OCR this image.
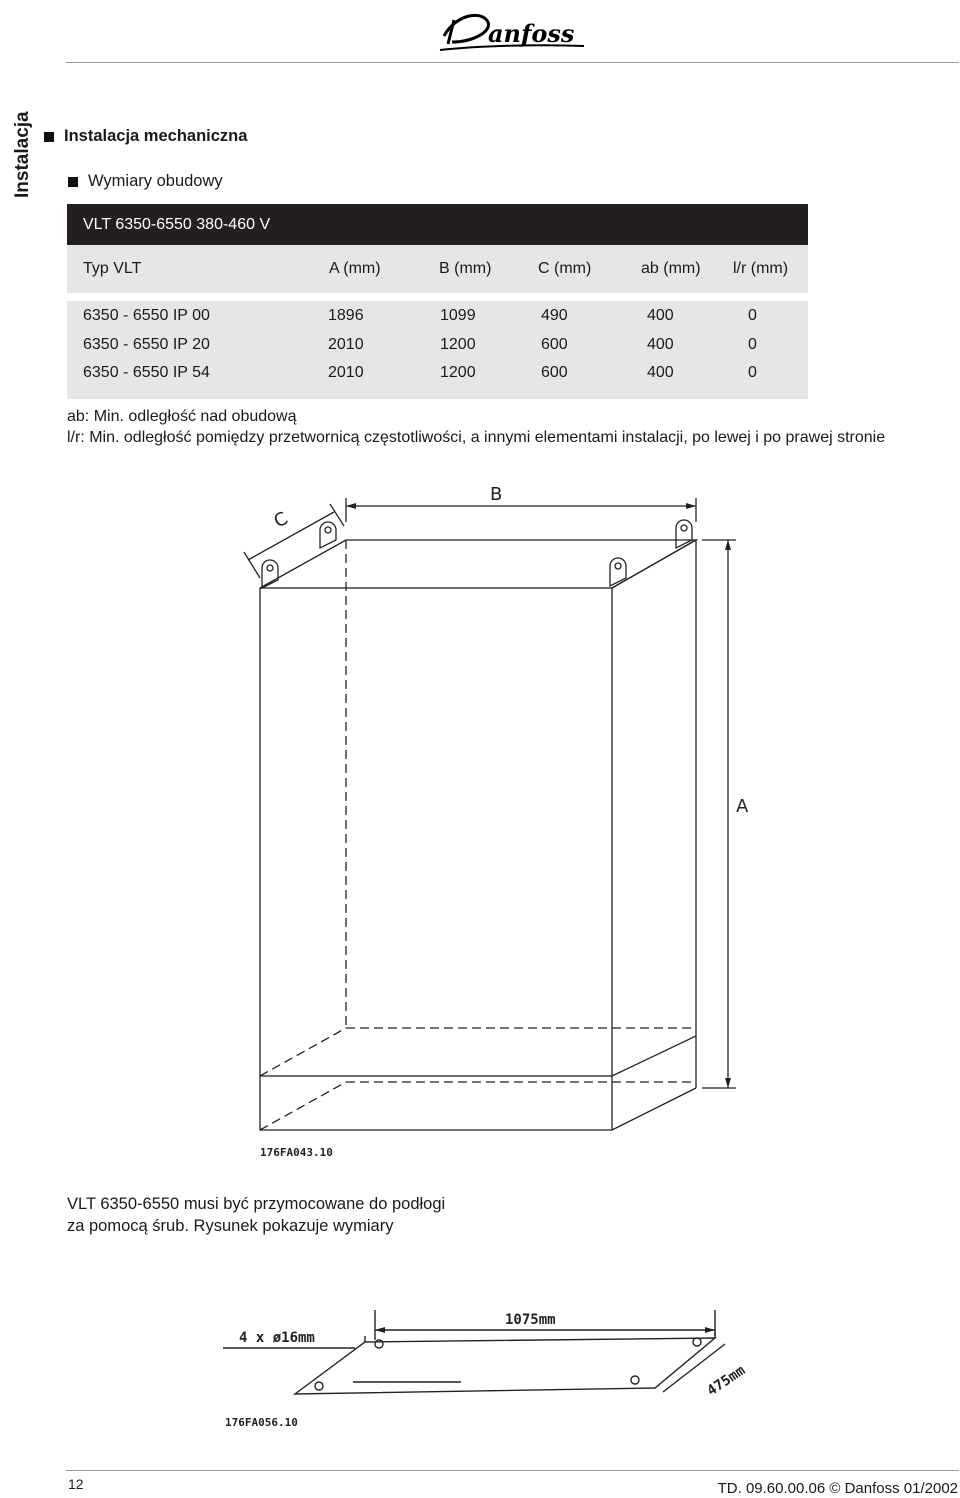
anfoss
Instalacja Instalacja mechaniczna
Wymiary obudowy
VLT 6350-6550 380-460 V
Typ VLT	A (mm)	B (mm)	C (mm)	ab (mm) l/r (mm)
6350 - 6550 IP 00	1896	1099	490	400	0
6350 - 6550 IP 20	2010	1200	600	400	0
6350 - 6550 IP 54	2010	1200	600	400	0
ab: Min. odległość nad obudową
l/r: Min. odległość pomiędzy przetwornicą częstotliwości, a innymi elementami instalacji, po lewej i po prawej stronie
B
C
A
176FA043.10
VLT 6350-6550 musi być przymocowane do podłogi
za pomocą śrub. Rysunek pokazuje wymiary
1075mm
4 x ø16mm
475mm
176FA056.10
12	TD. 09.60.00.06 © Danfoss 01/2002
